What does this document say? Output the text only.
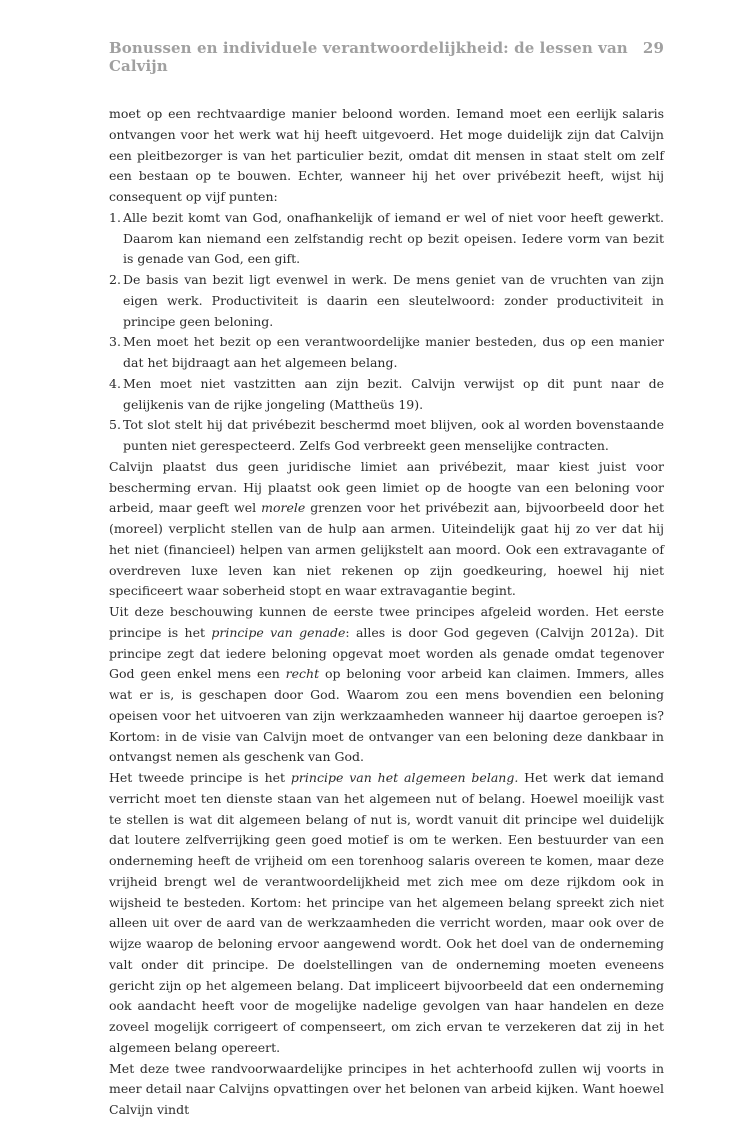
Bonussen en individuele verantwoordelijkheid: de lessen van Calvijn
29

moet op een rechtvaardige manier beloond worden. Iemand moet een eerlijk salaris ontvangen voor het werk wat hij heeft uitgevoerd. Het moge duidelijk zijn dat Calvijn een pleitbezorger is van het particulier bezit, omdat dit mensen in staat stelt om zelf een bestaan op te bouwen. Echter, wanneer hij het over privébezit heeft, wijst hij consequent op vijf punten:

1. Alle bezit komt van God, onafhankelijk of iemand er wel of niet voor heeft gewerkt. Daarom kan niemand een zelfstandig recht op bezit opeisen. Iedere vorm van bezit is genade van God, een gift.
2. De basis van bezit ligt evenwel in werk. De mens geniet van de vruchten van zijn eigen werk. Productiviteit is daarin een sleutelwoord: zonder productiviteit in principe geen beloning.
3. Men moet het bezit op een verantwoordelijke manier besteden, dus op een manier dat het bijdraagt aan het algemeen belang.
4. Men moet niet vastzitten aan zijn bezit. Calvijn verwijst op dit punt naar de gelijkenis van de rijke jongeling (Mattheüs 19).
5. Tot slot stelt hij dat privébezit beschermd moet blijven, ook al worden bovenstaande punten niet gerespecteerd. Zelfs God verbreekt geen menselijke contracten.

Calvijn plaatst dus geen juridische limiet aan privébezit, maar kiest juist voor bescherming ervan. Hij plaatst ook geen limiet op de hoogte van een beloning voor arbeid, maar geeft wel morele grenzen voor het privébezit aan, bijvoorbeeld door het (moreel) verplicht stellen van de hulp aan armen. Uiteindelijk gaat hij zo ver dat hij het niet (financieel) helpen van armen gelijkstelt aan moord. Ook een extravagante of overdreven luxe leven kan niet rekenen op zijn goedkeuring, hoewel hij niet specificeert waar soberheid stopt en waar extravagantie begint.

Uit deze beschouwing kunnen de eerste twee principes afgeleid worden. Het eerste principe is het principe van genade: alles is door God gegeven (Calvijn 2012a). Dit principe zegt dat iedere beloning opgevat moet worden als genade omdat tegenover God geen enkel mens een recht op beloning voor arbeid kan claimen. Immers, alles wat er is, is geschapen door God. Waarom zou een mens bovendien een beloning opeisen voor het uitvoeren van zijn werkzaamheden wanneer hij daartoe geroepen is? Kortom: in de visie van Calvijn moet de ontvanger van een beloning deze dankbaar in ontvangst nemen als geschenk van God.

Het tweede principe is het principe van het algemeen belang. Het werk dat iemand verricht moet ten dienste staan van het algemeen nut of belang. Hoewel moeilijk vast te stellen is wat dit algemeen belang of nut is, wordt vanuit dit principe wel duidelijk dat loutere zelfverrijking geen goed motief is om te werken. Een bestuurder van een onderneming heeft de vrijheid om een torenhoog salaris overeen te komen, maar deze vrijheid brengt wel de verantwoordelijkheid met zich mee om deze rijkdom ook in wijsheid te besteden. Kortom: het principe van het algemeen belang spreekt zich niet alleen uit over de aard van de werkzaamheden die verricht worden, maar ook over de wijze waarop de beloning ervoor aangewend wordt. Ook het doel van de onderneming valt onder dit principe. De doelstellingen van de onderneming moeten eveneens gericht zijn op het algemeen belang. Dat impliceert bijvoorbeeld dat een onderneming ook aandacht heeft voor de mogelijke nadelige gevolgen van haar handelen en deze zoveel mogelijk corrigeert of compenseert, om zich ervan te verzekeren dat zij in het algemeen belang opereert.

Met deze twee randvoorwaardelijke principes in het achterhoofd zullen wij voorts in meer detail naar Calvijns opvattingen over het belonen van arbeid kijken. Want hoewel Calvijn vindt
